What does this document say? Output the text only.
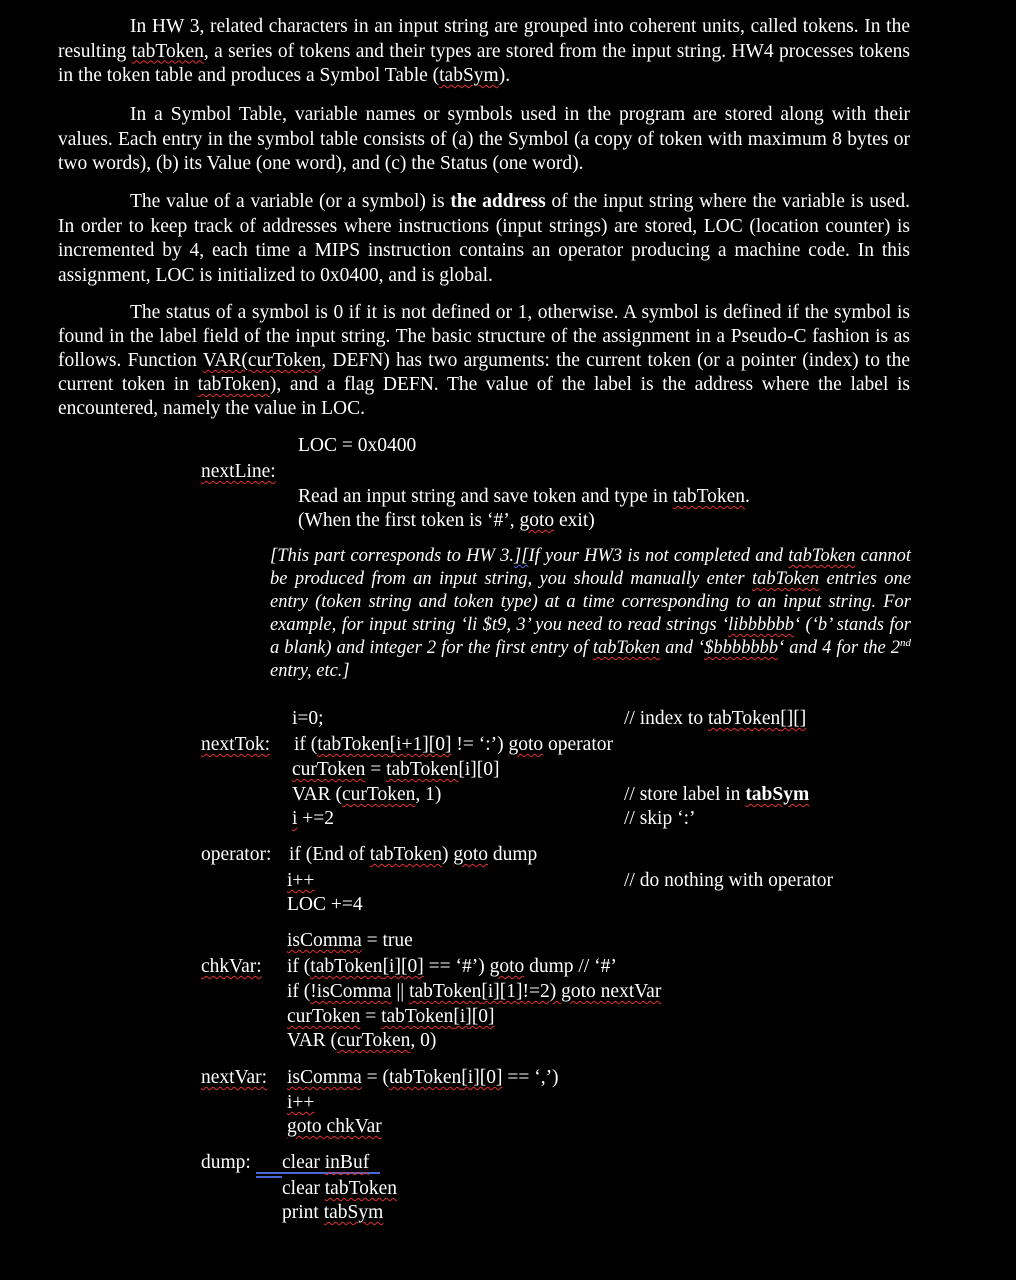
In HW 3, related characters in an input string are grouped into coherent units, called tokens. In the resulting tabToken, a series of tokens and their types are stored from the input string. HW4 processes tokens in the token table and produces a Symbol Table (tabSym).

In a Symbol Table, variable names or symbols used in the program are stored along with their values. Each entry in the symbol table consists of (a) the Symbol (a copy of token with maximum 8 bytes or two words), (b) its Value (one word), and (c) the Status (one word).

The value of a variable (or a symbol) is the address of the input string where the variable is used. In order to keep track of addresses where instructions (input strings) are stored, LOC (location counter) is incremented by 4, each time a MIPS instruction contains an operator producing a machine code. In this assignment, LOC is initialized to 0x0400, and is global.

The status of a symbol is 0 if it is not defined or 1, otherwise. A symbol is defined if the symbol is found in the label field of the input string. The basic structure of the assignment in a Pseudo-C fashion is as follows. Function VAR(curToken, DEFN) has two arguments: the current token (or a pointer (index) to the current token in tabToken), and a flag DEFN. The value of the label is the address where the label is encountered, namely the value in LOC.

LOC = 0x0400
nextLine:
Read an input string and save token and type in tabToken.
(When the first token is ‘#’, goto exit)

[This part corresponds to HW 3.][If your HW3 is not completed and tabToken cannot be produced from an input string, you should manually enter tabToken entries one entry (token string and token type) at a time corresponding to an input string. For example, for input string ‘li $t9, 3’ you need to read strings ‘libbbbbb‘ (‘b’ stands for a blank) and integer 2 for the first entry of tabToken and ‘$bbbbbbb‘ and 4 for the 2nd entry, etc.]

i=0;	// index to tabToken[][]
nextTok: if (tabToken[i+1][0] != ‘:’) goto operator
curToken = tabToken[i][0]
VAR (curToken, 1)	// store label in tabSym
i +=2	// skip ‘:’
operator: if (End of tabToken) goto dump
i++	// do nothing with operator
LOC +=4
isComma = true
chkVar: if (tabToken[i][0] == ‘#’) goto dump // ‘#’
if (!isComma || tabToken[i][1]!=2) goto nextVar
curToken = tabToken[i][0]
VAR (curToken, 0)
nextVar: isComma = (tabToken[i][0] == ‘,’)
i++
goto chkVar
dump: clear inBuf
clear tabToken
print tabSym
